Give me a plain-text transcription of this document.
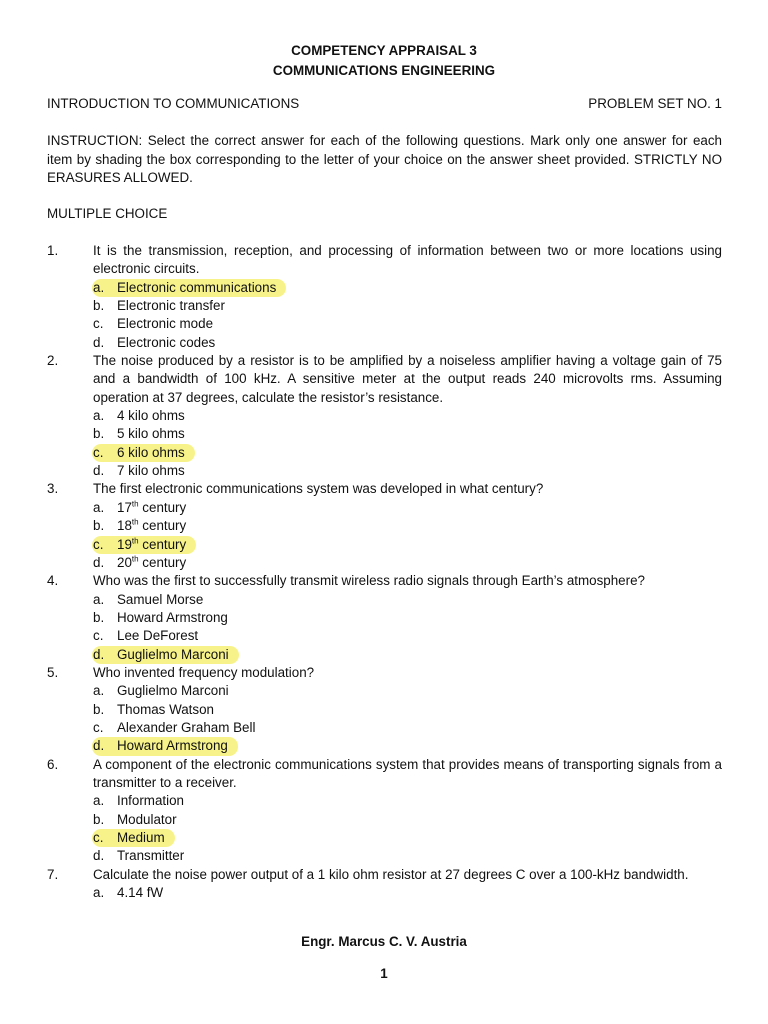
COMPETENCY APPRAISAL 3

COMMUNICATIONS ENGINEERING

INTRODUCTION TO COMMUNICATIONS	PROBLEM SET NO. 1

INSTRUCTION: Select the correct answer for each of the following questions. Mark only one answer for each item by shading the box corresponding to the letter of your choice on the answer sheet provided. STRICTLY NO ERASURES ALLOWED.

MULTIPLE CHOICE
1.	It is the transmission, reception, and processing of information between two or more locations using electronic circuits.
a. Electronic communications
b. Electronic transfer
c. Electronic mode
d. Electronic codes
2.	The noise produced by a resistor is to be amplified by a noiseless amplifier having a voltage gain of 75 and a bandwidth of 100 kHz. A sensitive meter at the output reads 240 microvolts rms. Assuming operation at 37 degrees, calculate the resistor’s resistance.
a. 4 kilo ohms
b. 5 kilo ohms
c. 6 kilo ohms
d. 7 kilo ohms
3.	The first electronic communications system was developed in what century?
a. 17th century
b. 18th century
c. 19th century
d. 20th century
4.	Who was the first to successfully transmit wireless radio signals through Earth’s atmosphere?
a. Samuel Morse
b. Howard Armstrong
c. Lee DeForest
d. Guglielmo Marconi
5.	Who invented frequency modulation?
a. Guglielmo Marconi
b. Thomas Watson
c. Alexander Graham Bell
d. Howard Armstrong
6.	A component of the electronic communications system that provides means of transporting signals from a transmitter to a receiver.
a. Information
b. Modulator
c. Medium
d. Transmitter
7.	Calculate the noise power output of a 1 kilo ohm resistor at 27 degrees C over a 100-kHz bandwidth.
a. 4.14 fW
Engr. Marcus C. V. Austria
1
